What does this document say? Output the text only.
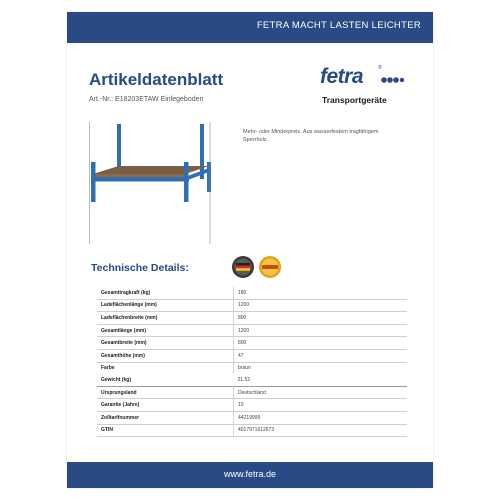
FETRA MACHT LASTEN LEICHTER
Artikeldatenblatt
Art.-Nr.: E18203ETAW Einlegeboden
fetra	®
Transportgeräte
Mehr- oder Minderpreis. Aus wasserfestem tragfähigem Sperrholz.
Technische Details:
Gesamttragkraft (kg)	180
Ladeflächenlänge (mm)	1200
Ladeflächenbreite (mm)	800
Gesamtlänge (mm)	1200
Gesamtbreite (mm)	800
Gesamthöhe (mm)	47
Farbe	braun
Gewicht (kg)	21.52
Ursprungsland	Deutschland
Garantie (Jahre)	10
Zolltarifnummer	44219999
GTIN	4017971612673
www.fetra.de
